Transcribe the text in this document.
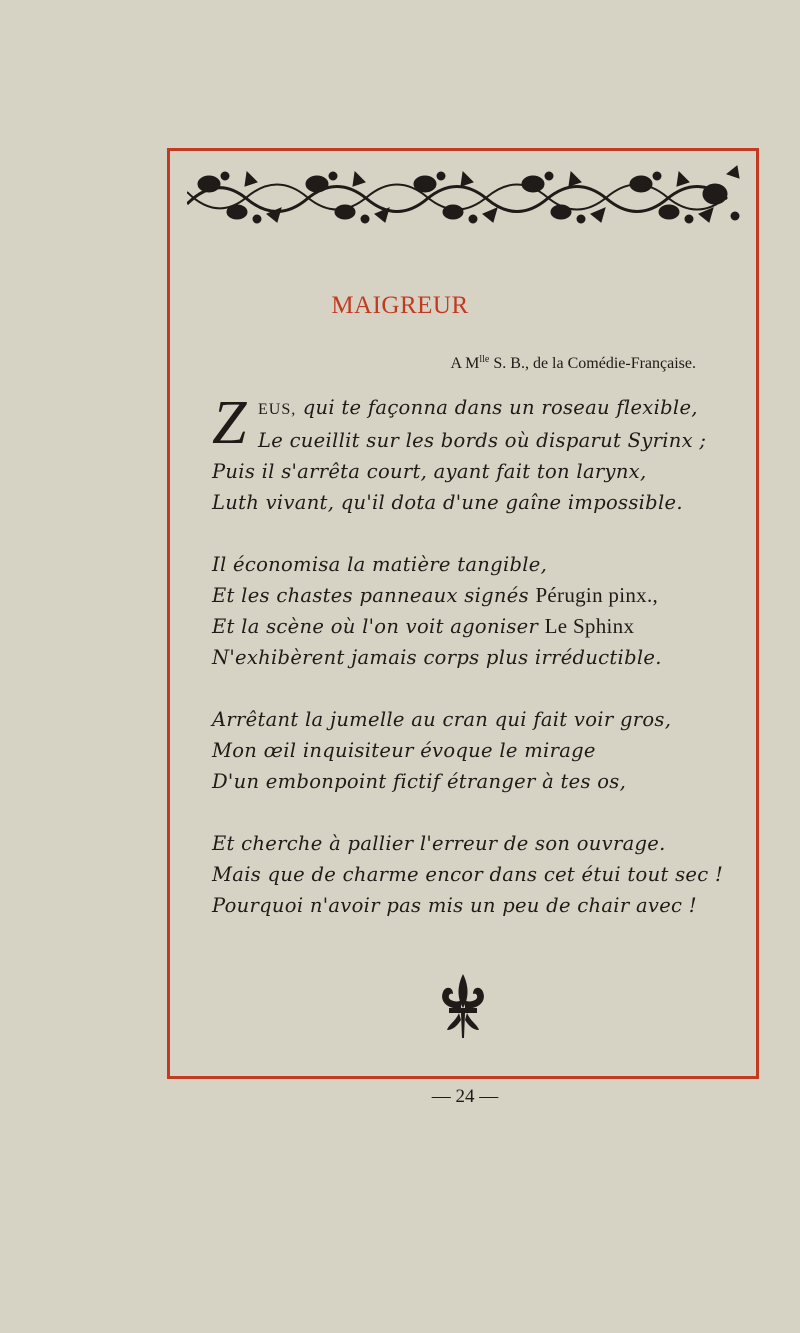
MAIGREUR
A $M^{lle}$ S. B., de la Comédie-Française.
Z EUS, qui te façonna dans un roseau flexible,
Le cueillit sur les bords où disparut Syrinx ;
Puis il s'arrêta court, ayant fait ton larynx,
Luth vivant, qu'il dota d'une gaîne impossible.
Il économisa la matière tangible,
Et les chastes panneaux signés Pérugin pinx.,
Et la scène où l'on voit agoniser Le Sphinx
N'exhibèrent jamais corps plus irréductible.
Arrêtant la jumelle au cran qui fait voir gros,
Mon œil inquisiteur évoque le mirage
D'un embonpoint fictif étranger à tes os,
Et cherche à pallier l'erreur de son ouvrage.
Mais que de charme encor dans cet étui tout sec !
Pourquoi n'avoir pas mis un peu de chair avec !
— 24 —
